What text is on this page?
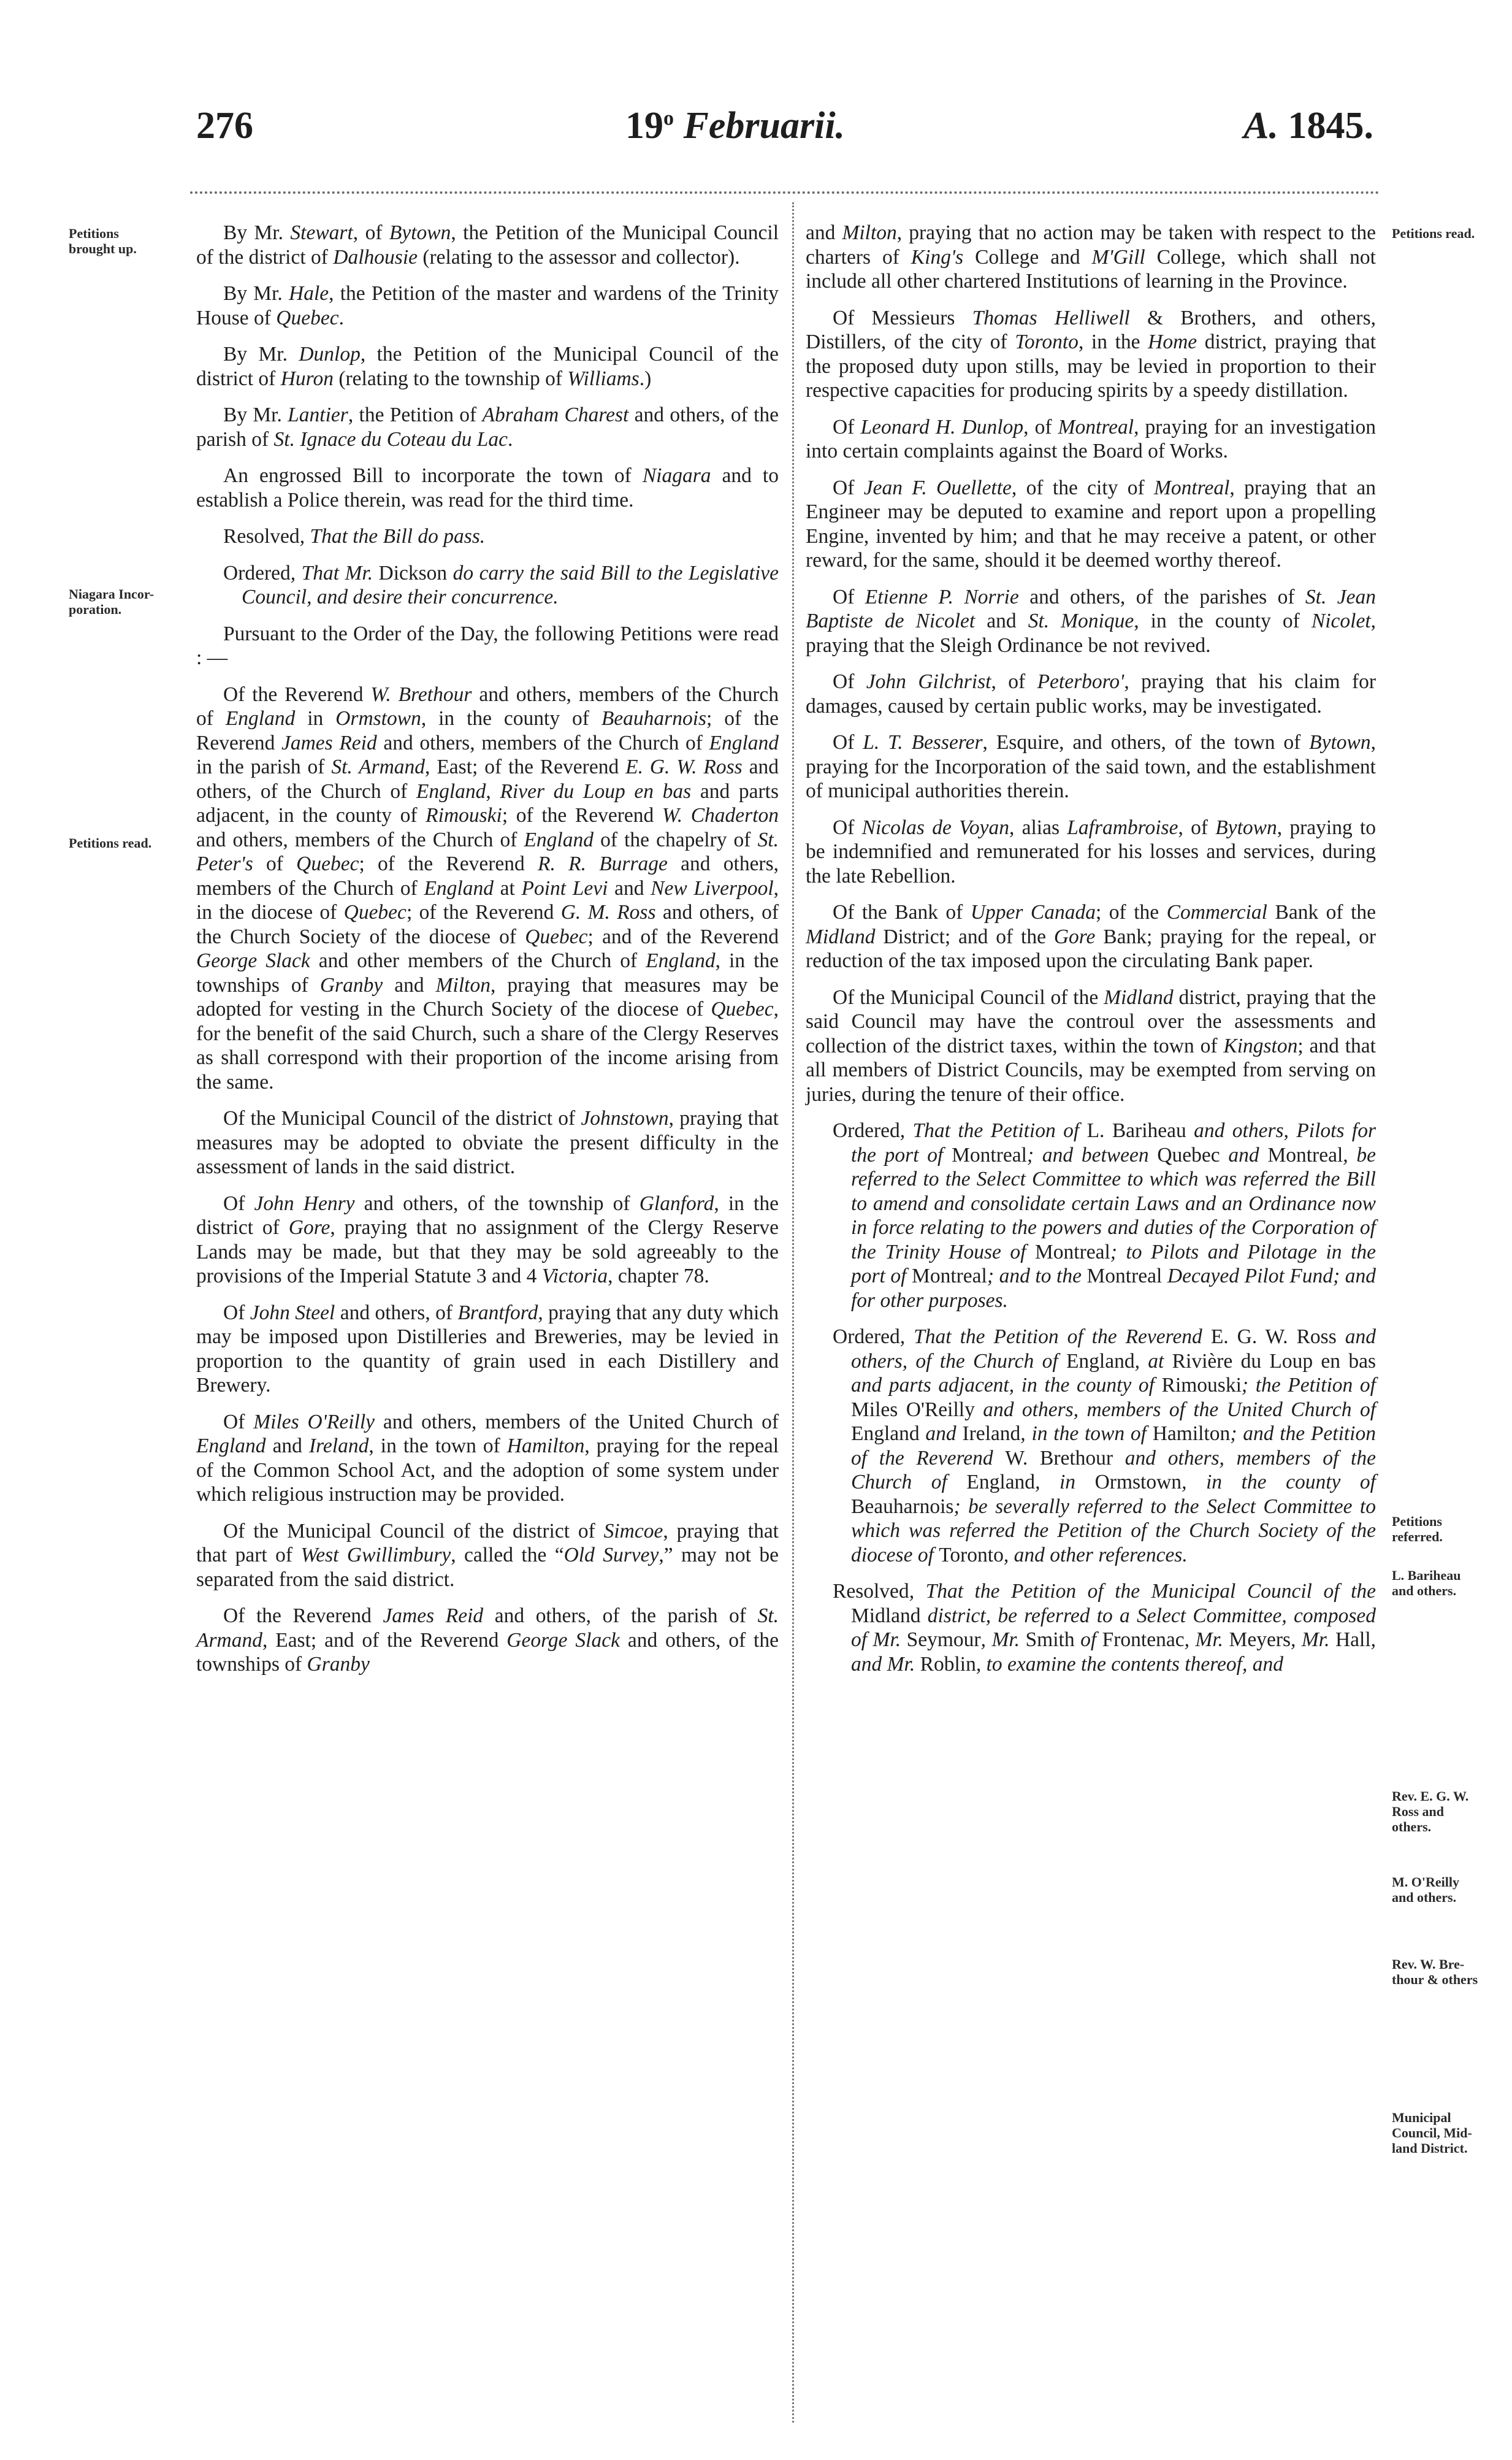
276	19$^o$ Februarii.	A. 1845.
Petitions
brought up.
Niagara Incor-
poration.
Petitions read.
Petitions read.
Petitions
referred.
L. Bariheau
and others.
Rev. E. G. W.
Ross and
others.
M. O'Reilly
and others.
Rev. W. Bre-
thour & others
Municipal
Council, Mid-
land District.

By Mr. Stewart, of Bytown, the Petition of the Municipal Council of the district of Dalhousie (relating to the assessor and collector).

By Mr. Hale, the Petition of the master and wardens of the Trinity House of Quebec.

By Mr. Dunlop, the Petition of the Municipal Council of the district of Huron (relating to the township of Williams.)

By Mr. Lantier, the Petition of Abraham Charest and others, of the parish of St. Ignace du Coteau du Lac.

An engrossed Bill to incorporate the town of Niagara and to establish a Police therein, was read for the third time.

Resolved, That the Bill do pass.

Ordered, That Mr. Dickson do carry the said Bill to the Legislative Council, and desire their concurrence.

Pursuant to the Order of the Day, the following Petitions were read : —

Of the Reverend W. Brethour and others, members of the Church of England in Ormstown, in the county of Beauharnois; of the Reverend James Reid and others, members of the Church of England in the parish of St. Armand, East; of the Reverend E. G. W. Ross and others, of the Church of England, River du Loup en bas and parts adjacent, in the county of Rimouski; of the Reverend W. Chaderton and others, members of the Church of England of the chapelry of St. Peter's of Quebec; of the Reverend R. R. Burrage and others, members of the Church of England at Point Levi and New Liverpool, in the diocese of Quebec; of the Reverend G. M. Ross and others, of the Church Society of the diocese of Quebec; and of the Reverend George Slack and other members of the Church of England, in the townships of Granby and Milton, praying that measures may be adopted for vesting in the Church Society of the diocese of Quebec, for the benefit of the said Church, such a share of the Clergy Reserves as shall correspond with their proportion of the income arising from the same.

Of the Municipal Council of the district of Johnstown, praying that measures may be adopted to obviate the present difficulty in the assessment of lands in the said district.

Of John Henry and others, of the township of Glanford, in the district of Gore, praying that no assignment of the Clergy Reserve Lands may be made, but that they may be sold agreeably to the provisions of the Imperial Statute 3 and 4 Victoria, chapter 78.

Of John Steel and others, of Brantford, praying that any duty which may be imposed upon Distilleries and Breweries, may be levied in proportion to the quantity of grain used in each Distillery and Brewery.

Of Miles O'Reilly and others, members of the United Church of England and Ireland, in the town of Hamilton, praying for the repeal of the Common School Act, and the adoption of some system under which religious instruction may be provided.

Of the Municipal Council of the district of Simcoe, praying that that part of West Gwillimbury, called the “Old Survey,” may not be separated from the said district.

Of the Reverend James Reid and others, of the parish of St. Armand, East; and of the Reverend George Slack and others, of the townships of Granby

and Milton, praying that no action may be taken with respect to the charters of King's College and M'Gill College, which shall not include all other chartered Institutions of learning in the Province.

Of Messieurs Thomas Helliwell & Brothers, and others, Distillers, of the city of Toronto, in the Home district, praying that the proposed duty upon stills, may be levied in proportion to their respective capacities for producing spirits by a speedy distillation.

Of Leonard H. Dunlop, of Montreal, praying for an investigation into certain complaints against the Board of Works.

Of Jean F. Ouellette, of the city of Montreal, praying that an Engineer may be deputed to examine and report upon a propelling Engine, invented by him; and that he may receive a patent, or other reward, for the same, should it be deemed worthy thereof.

Of Etienne P. Norrie and others, of the parishes of St. Jean Baptiste de Nicolet and St. Monique, in the county of Nicolet, praying that the Sleigh Ordinance be not revived.

Of John Gilchrist, of Peterboro', praying that his claim for damages, caused by certain public works, may be investigated.

Of L. T. Besserer, Esquire, and others, of the town of Bytown, praying for the Incorporation of the said town, and the establishment of municipal authorities therein.

Of Nicolas de Voyan, alias Laframbroise, of Bytown, praying to be indemnified and remunerated for his losses and services, during the late Rebellion.

Of the Bank of Upper Canada; of the Commercial Bank of the Midland District; and of the Gore Bank; praying for the repeal, or reduction of the tax imposed upon the circulating Bank paper.

Of the Municipal Council of the Midland district, praying that the said Council may have the controul over the assessments and collection of the district taxes, within the town of Kingston; and that all members of District Councils, may be exempted from serving on juries, during the tenure of their office.

Ordered, That the Petition of L. Bariheau and others, Pilots for the port of Montreal; and between Quebec and Montreal, be referred to the Select Committee to which was referred the Bill to amend and consolidate certain Laws and an Ordinance now in force relating to the powers and duties of the Corporation of the Trinity House of Montreal; to Pilots and Pilotage in the port of Montreal; and to the Montreal Decayed Pilot Fund; and for other purposes.

Ordered, That the Petition of the Reverend E. G. W. Ross and others, of the Church of England, at Rivière du Loup en bas and parts adjacent, in the county of Rimouski; the Petition of Miles O'Reilly and others, members of the United Church of England and Ireland, in the town of Hamilton; and the Petition of the Reverend W. Brethour and others, members of the Church of England, in Ormstown, in the county of Beauharnois; be severally referred to the Select Committee to which was referred the Petition of the Church Society of the diocese of Toronto, and other references.

Resolved, That the Petition of the Municipal Council of the Midland district, be referred to a Select Committee, composed of Mr. Seymour, Mr. Smith of Frontenac, Mr. Meyers, Mr. Hall, and Mr. Roblin, to examine the contents thereof, and
